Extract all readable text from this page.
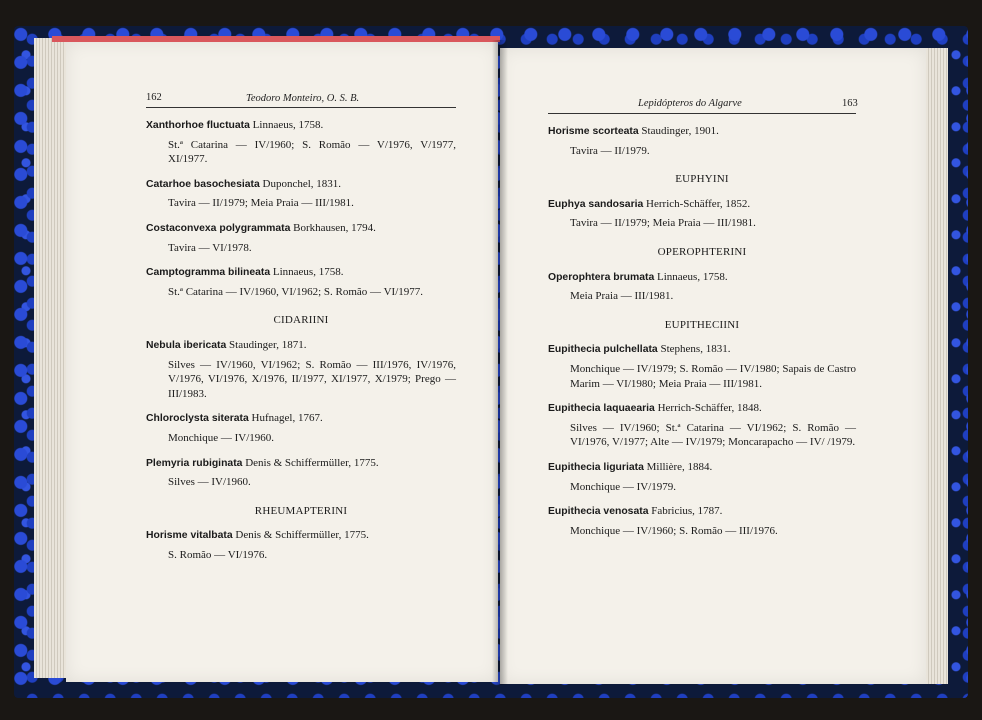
162	Teodoro Monteiro, O. S. B.
Xanthorhoe fluctuata Linnaeus, 1758.
St.ª Catarina — IV/1960; S. Romão — V/1976, V/1977, XI/1977.
Catarhoe basochesiata Duponchel, 1831.
Tavira — II/1979; Meia Praia — III/1981.
Costaconvexa polygrammata Borkhausen, 1794.
Tavira — VI/1978.
Camptogramma bilineata Linnaeus, 1758.
St.ª Catarina — IV/1960, VI/1962; S. Romão — VI/1977.
CIDARIINI
Nebula ibericata Staudinger, 1871.
Silves — IV/1960, VI/1962; S. Romão — III/1976, IV/1976, V/1976, VI/1976, X/1976, II/1977, XI/1977, X/1979; Prego — III/1983.
Chloroclysta siterata Hufnagel, 1767.
Monchique — IV/1960.
Plemyria rubiginata Denis & Schiffermüller, 1775.
Silves — IV/1960.
RHEUMAPTERINI
Horisme vitalbata Denis & Schiffermüller, 1775.
S. Romão — VI/1976.
Lepidópteros do Algarve	163
Horisme scorteata Staudinger, 1901.
Tavira — II/1979.
EUPHYINI
Euphya sandosaria Herrich-Schäffer, 1852.
Tavira — II/1979; Meia Praia — III/1981.
OPEROPHTERINI
Operophtera brumata Linnaeus, 1758.
Meia Praia — III/1981.
EUPITHECIINI
Eupithecia pulchellata Stephens, 1831.
Monchique — IV/1979; S. Romão — IV/1980; Sapais de Castro Marim — VI/1980; Meia Praia — III/1981.
Eupithecia laquaearia Herrich-Schäffer, 1848.
Silves — IV/1960; St.ª Catarina — VI/1962; S. Romão — VI/1976, V/1977; Alte — IV/1979; Moncarapacho — IV/ /1979.
Eupithecia liguriata Millière, 1884.
Monchique — IV/1979.
Eupithecia venosata Fabricius, 1787.
Monchique — IV/1960; S. Romão — III/1976.
